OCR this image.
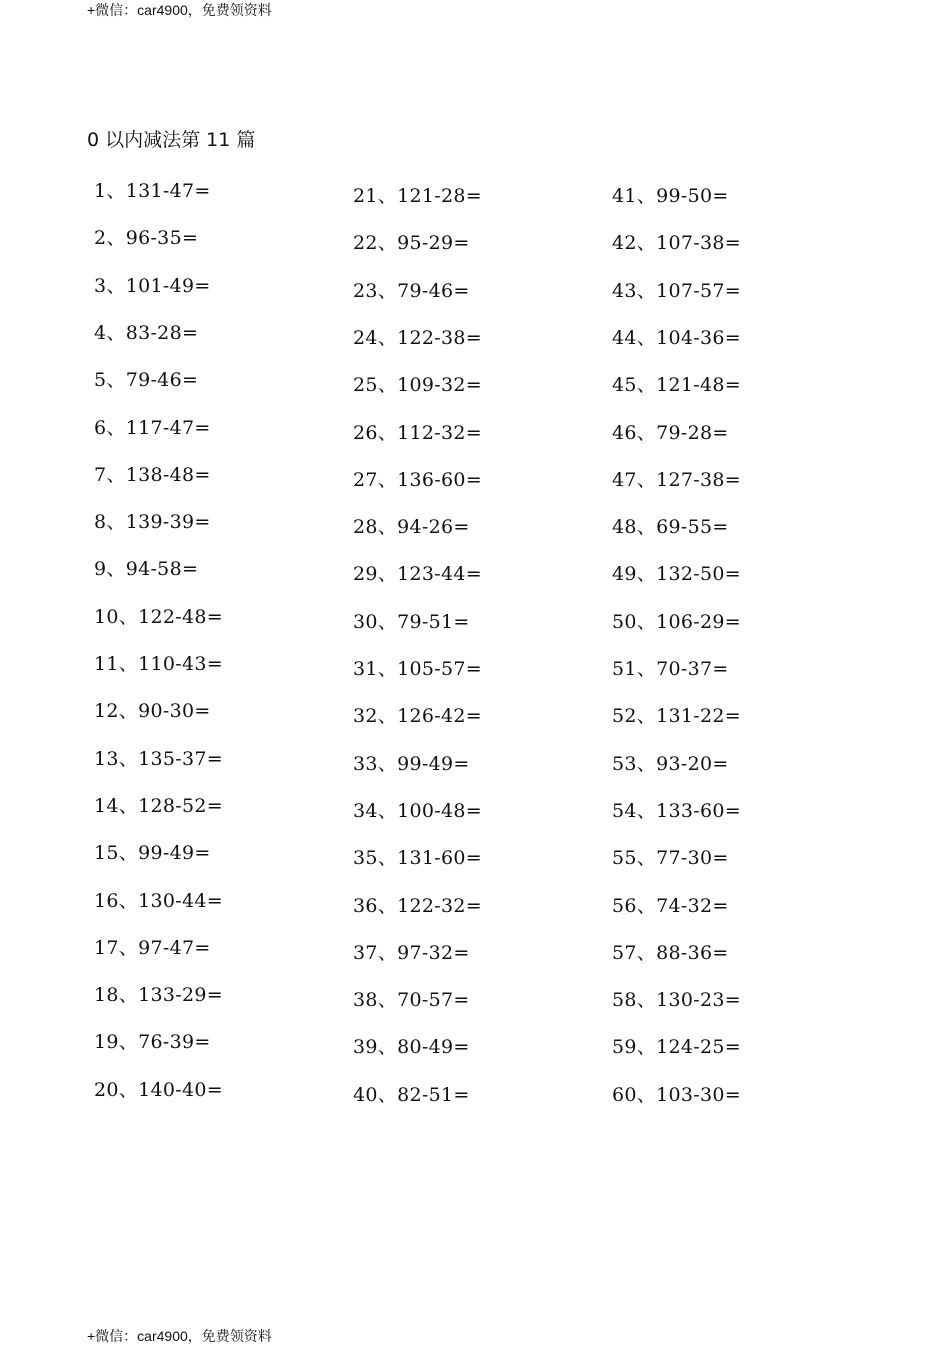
+微信：car4900，免费领资料
0 以内减法第 11 篇
1、131-47=
2、96-35=
3、101-49=
4、83-28=
5、79-46=
6、117-47=
7、138-48=
8、139-39=
9、94-58=
10、122-48=
11、110-43=
12、90-30=
13、135-37=
14、128-52=
15、99-49=
16、130-44=
17、97-47=
18、133-29=
19、76-39=
20、140-40=
21、121-28=
22、95-29=
23、79-46=
24、122-38=
25、109-32=
26、112-32=
27、136-60=
28、94-26=
29、123-44=
30、79-51=
31、105-57=
32、126-42=
33、99-49=
34、100-48=
35、131-60=
36、122-32=
37、97-32=
38、70-57=
39、80-49=
40、82-51=
41、99-50=
42、107-38=
43、107-57=
44、104-36=
45、121-48=
46、79-28=
47、127-38=
48、69-55=
49、132-50=
50、106-29=
51、70-37=
52、131-22=
53、93-20=
54、133-60=
55、77-30=
56、74-32=
57、88-36=
58、130-23=
59、124-25=
60、103-30=
+微信：car4900，免费领资料
